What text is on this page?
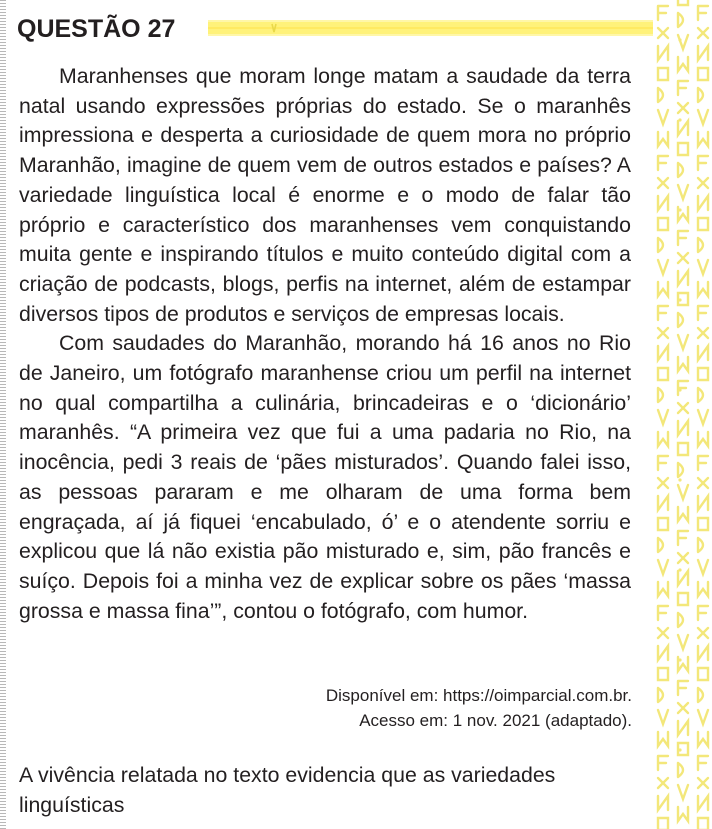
QUESTÃO 27

Maranhenses que moram longe matam a saudade da terra natal usando expressões próprias do estado. Se o maranhês impressiona e desperta a curiosidade de quem mora no próprio Maranhão, imagine de quem vem de outros estados e países? A variedade linguística local é enorme e o modo de falar tão próprio e característico dos maranhenses vem conquistando muita gente e inspirando títulos e muito conteúdo digital com a criação de podcasts, blogs, perfis na internet, além de estampar diversos tipos de produtos e serviços de empresas locais.

Com saudades do Maranhão, morando há 16 anos no Rio de Janeiro, um fotógrafo maranhense criou um perfil na internet no qual compartilha a culinária, brincadeiras e o ‘dicionário’ maranhês. “A primeira vez que fui a uma padaria no Rio, na inocência, pedi 3 reais de ‘pães misturados’. Quando falei isso, as pessoas pararam e me olharam de uma forma bem engraçada, aí já fiquei ‘encabulado, ó’ e o atendente sorriu e explicou que lá não existia pão misturado e, sim, pão francês e suíço. Depois foi a minha vez de explicar sobre os pães ‘massa grossa e massa fina’”, contou o fotógrafo, com humor.

Disponível em: https://oimparcial.com.br.
Acesso em: 1 nov. 2021 (adaptado).
A vivência relatada no texto evidencia que as variedades linguísticas
